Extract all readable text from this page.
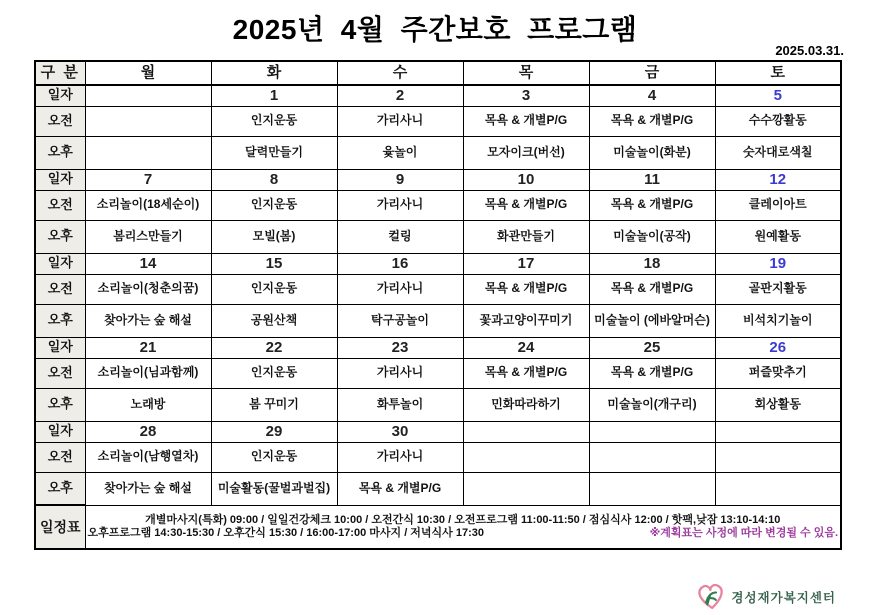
2025년 4월 주간보호 프로그램
2025.03.31.
구 분	월	화	수	목	금	토
일자		1	2	3	4	5
오전		인지운동	가리사니	목욕 & 개별P/G	목욕 & 개별P/G	수수깡활동
오후		달력만들기	윷놀이	모자이크(버선)	미술놀이(화분)	숫자대로색칠
일자	7	8	9	10	11	12
오전	소리놀이(18세순이)	인지운동	가리사니	목욕 & 개별P/G	목욕 & 개별P/G	클레이아트
오후	봄리스만들기	모빌(봄)	컬링	화관만들기	미술놀이(공작)	원예활동
일자	14	15	16	17	18	19
오전	소리놀이(청춘의꿈)	인지운동	가리사니	목욕 & 개별P/G	목욕 & 개별P/G	골판지활동
오후	찾아가는 숲 해설	공원산책	탁구공놀이	꽃과고양이꾸미기	미술놀이 (에바알머슨)	비석치기놀이
일자	21	22	23	24	25	26
오전	소리놀이(님과함께)	인지운동	가리사니	목욕 & 개별P/G	목욕 & 개별P/G	퍼즐맞추기
오후	노래방	봄 꾸미기	화투놀이	민화따라하기	미술놀이(개구리)	회상활동
일자	28	29	30			
오전	소리놀이(남행열차)	인지운동	가리사니			
오후	찾아가는 숲 해설	미술활동(꿀벌과벌집)	목욕 & 개별P/G			
일정표	개별마사지(특화) 09:00 / 일일건강체크 10:00 / 오전간식 10:30 / 오전프로그램 11:00-11:50 / 점심식사 12:00 / 핫팩,낮잠 13:10-14:10
오후프로그램 14:30-15:30 / 오후간식 15:30 / 16:00-17:00 마사지 / 저녁식사 17:30 ※계획표는 사정에 따라 변경될 수 있음.					
경성재가복지센터
